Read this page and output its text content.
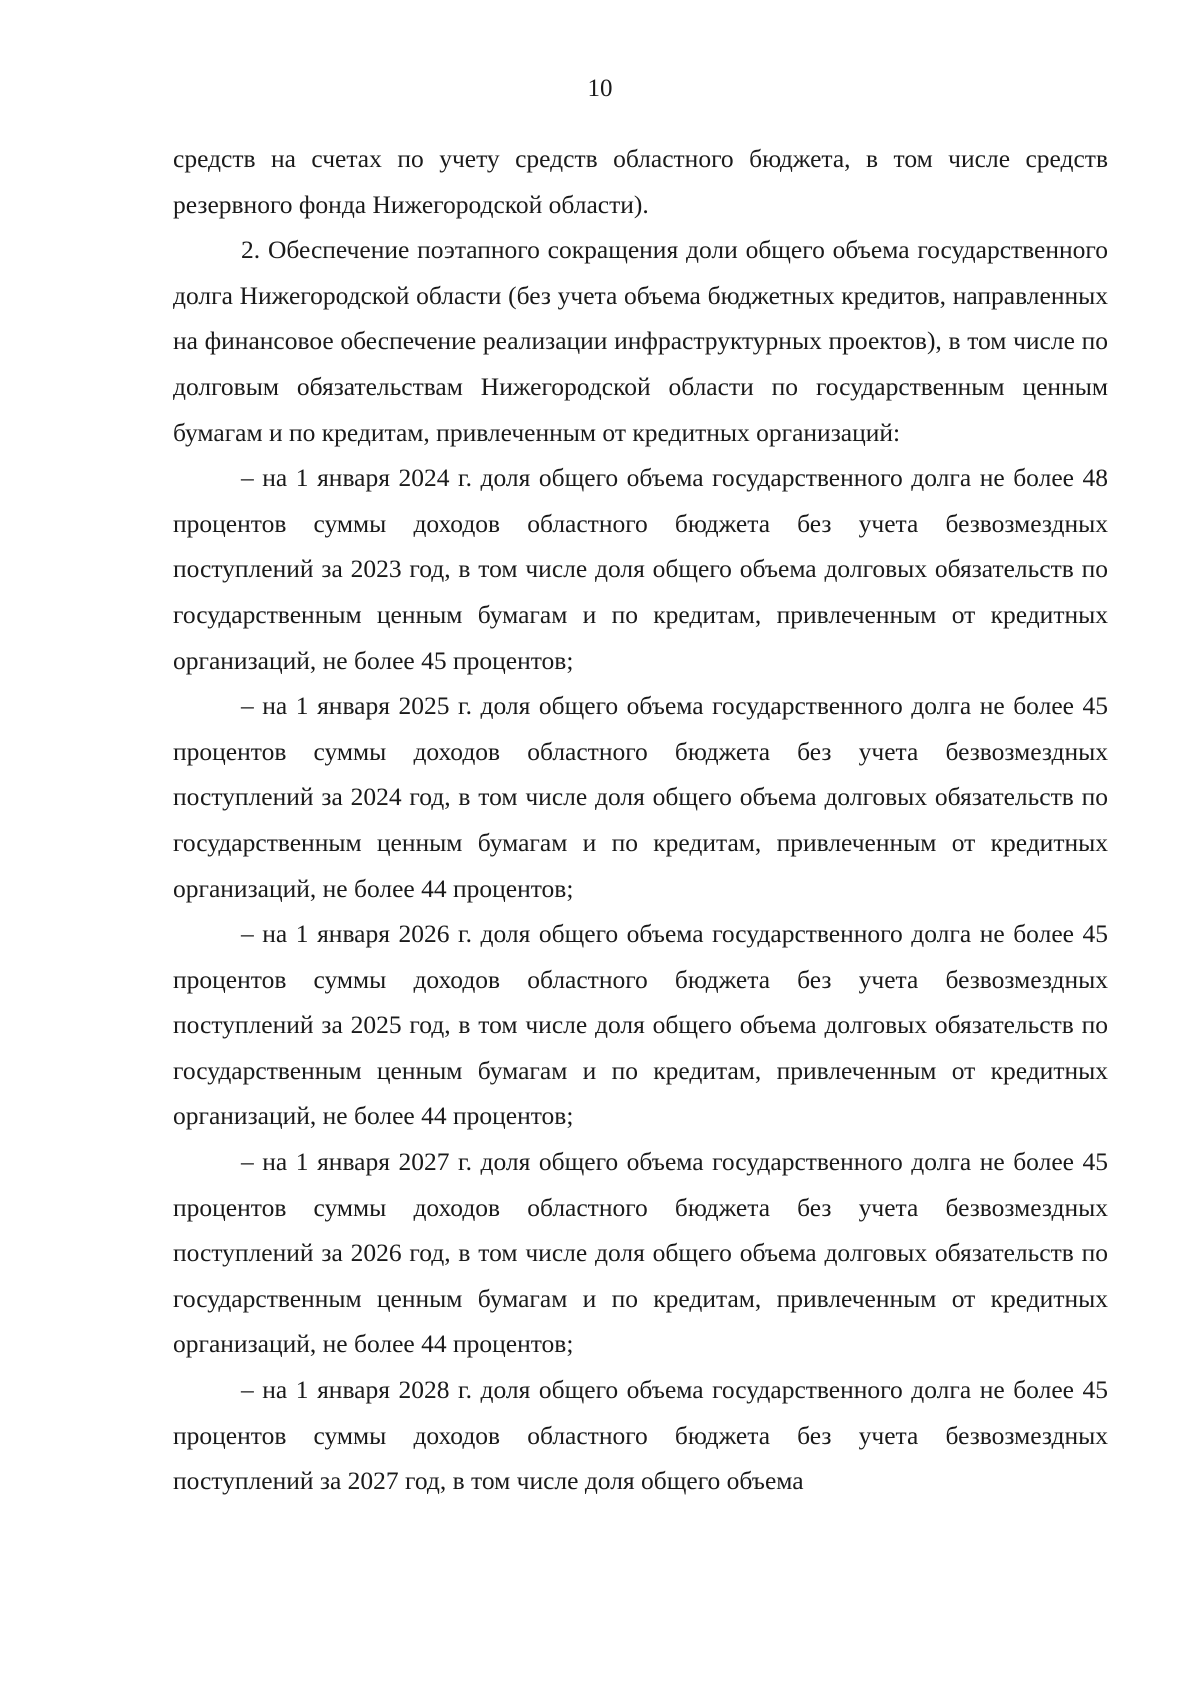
10

средств на счетах по учету средств областного бюджета, в том числе средств резервного фонда Нижегородской области).

2. Обеспечение поэтапного сокращения доли общего объема государственного долга Нижегородской области (без учета объема бюджетных кредитов, направленных на финансовое обеспечение реализации инфраструктурных проектов), в том числе по долговым обязательствам Нижегородской области по государственным ценным бумагам и по кредитам, привлеченным от кредитных организаций:

– на 1 января 2024 г. доля общего объема государственного долга не более 48 процентов суммы доходов областного бюджета без учета безвозмездных поступлений за 2023 год, в том числе доля общего объема долговых обязательств по государственным ценным бумагам и по кредитам, привлеченным от кредитных организаций, не более 45 процентов;

– на 1 января 2025 г. доля общего объема государственного долга не более 45 процентов суммы доходов областного бюджета без учета безвозмездных поступлений за 2024 год, в том числе доля общего объема долговых обязательств по государственным ценным бумагам и по кредитам, привлеченным от кредитных организаций, не более 44 процентов;

– на 1 января 2026 г. доля общего объема государственного долга не более 45 процентов суммы доходов областного бюджета без учета безвозмездных поступлений за 2025 год, в том числе доля общего объема долговых обязательств по государственным ценным бумагам и по кредитам, привлеченным от кредитных организаций, не более 44 процентов;

– на 1 января 2027 г. доля общего объема государственного долга не более 45 процентов суммы доходов областного бюджета без учета безвозмездных поступлений за 2026 год, в том числе доля общего объема долговых обязательств по государственным ценным бумагам и по кредитам, привлеченным от кредитных организаций, не более 44 процентов;

– на 1 января 2028 г. доля общего объема государственного долга не более 45 процентов суммы доходов областного бюджета без учета безвозмездных поступлений за 2027 год, в том числе доля общего объема
